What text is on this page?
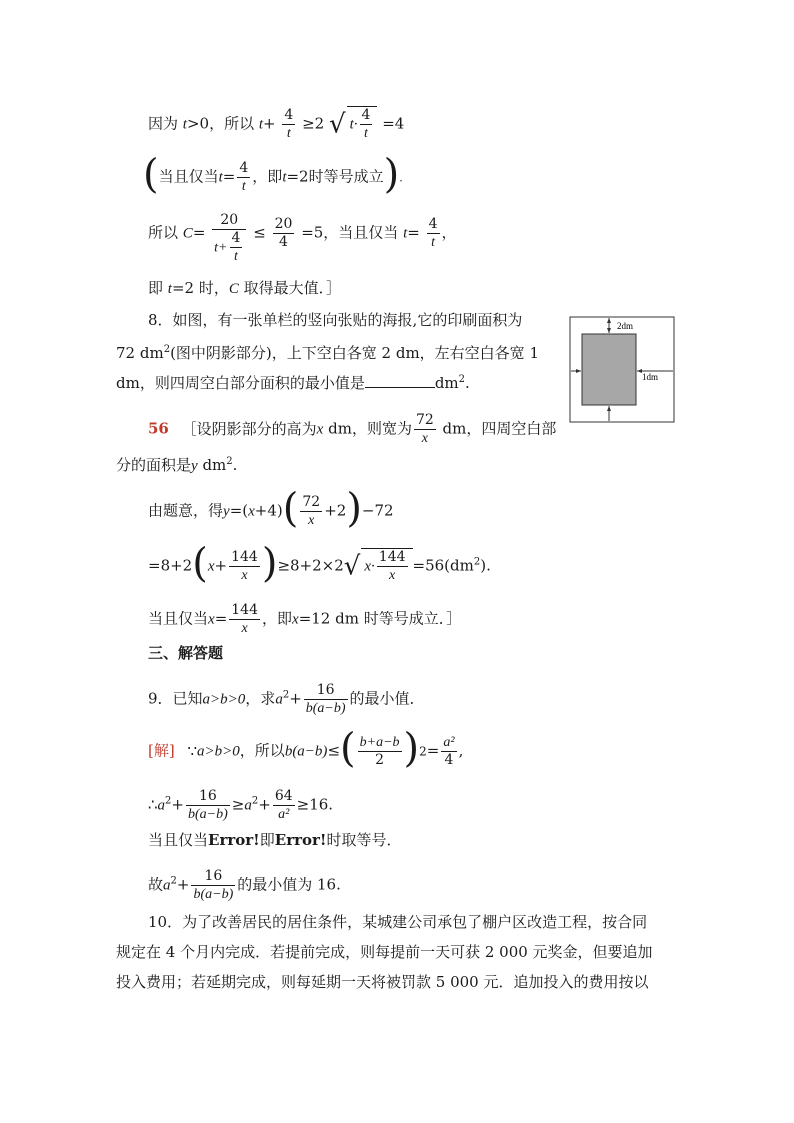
因为 t>0，所以 $t+ \frac{4}{t} \ge 2$ √ $t\cdot \frac{4}{t} =4$
(当且仅当$t= \frac{4}{t}$ ，即t=2时等号成立).
所以 $C= \frac{20}{t+ \frac{4}{t}} \le \frac{20}{4} =5$，当且仅当 $t= \frac{4}{t}$ ，
即 t=2 时，C 取得最大值．］
8．如图，有一张单栏的竖向张贴的海报,它的印刷面积为
72 $dm^2$(图中阴影部分)，上下空白各宽 2 dm，左右空白各宽 1
dm，则四周空白部分面积的最小值是	$dm^2$.
2dm
1dm
56 ［设阴影部分的高为x dm，则宽为 $\frac{72}{x}$ dm，四周空白部
分的面积是y $dm^2$.
由题意，得$y=(x+4)( \frac{72}{x} +2)-72$
$=8+2(x+ \frac{144}{x} )\ge 8+2\times 2√$ $x\cdot \frac{144}{x} =56(dm^2)$.
当且仅当$x= \frac{144}{x}$ ，即x=12 dm 时等号成立．］
三、解答题
9．已知a>b>0，求$a^2+ \frac{16}{b(a-b)}$ 的最小值．
[解] ∵a>b>0，所以$b(a-b)\le( \frac{b+a-b}{2} )2= \frac{\text{a²}}{4}$ ,
$\therefore a^2+ \frac{16}{b(a-b)} \ge a^2+ \frac{64}{\text{a²}} \ge 16$.
当且仅当Error!即Error!时取等号．
故$a^2+ \frac{16}{b(a-b)}$ 的最小值为 16.
10．为了改善居民的居住条件，某城建公司承包了棚户区改造工程，按合同
规定在 4 个月内完成．若提前完成，则每提前一天可获 2 000 元奖金，但要追加
投入费用；若延期完成，则每延期一天将被罚款 5 000 元．追加投入的费用按以
